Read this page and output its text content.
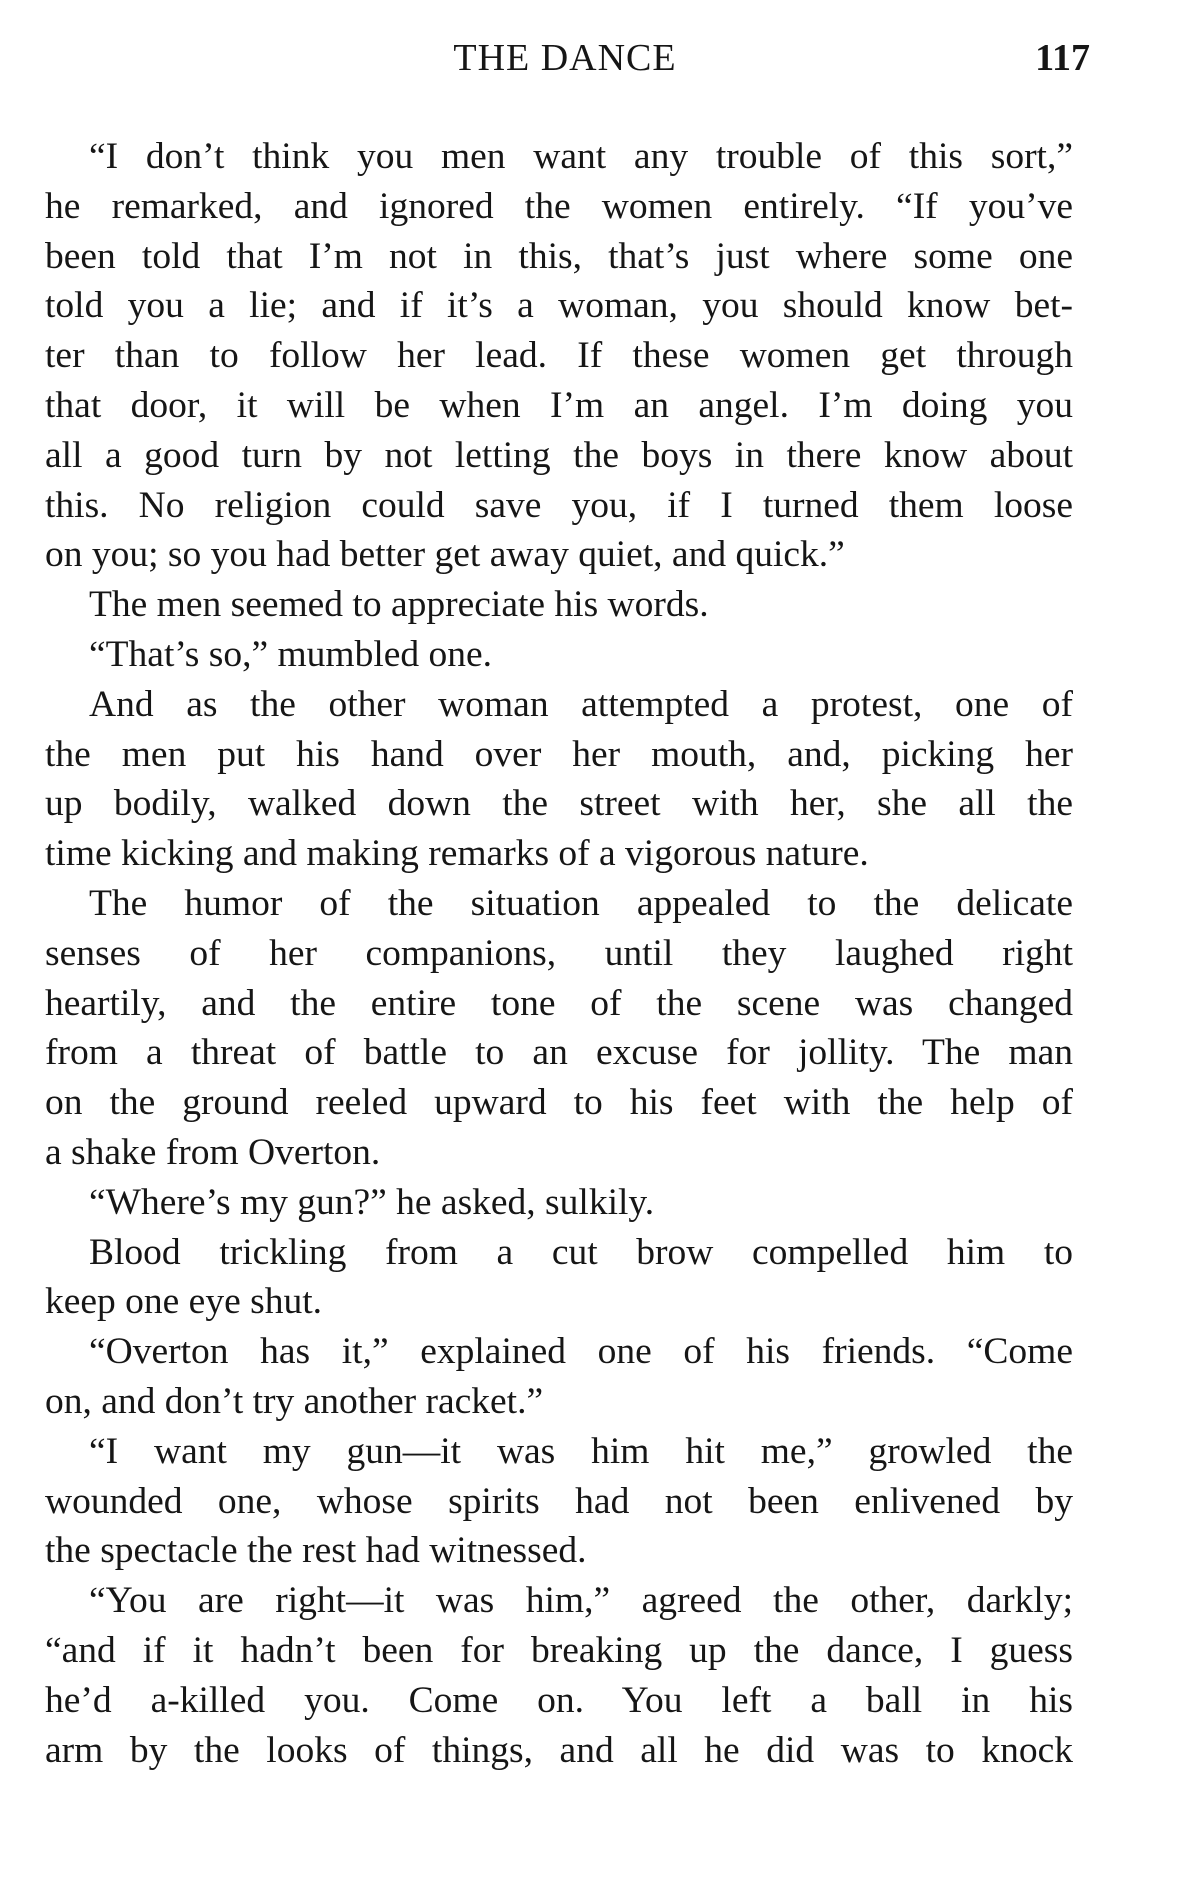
THE DANCE	117
“I don’t think you men want any trouble of this sort,”
he remarked, and ignored the women entirely. “If you’ve
been told that I’m not in this, that’s just where some one
told you a lie; and if it’s a woman, you should know bet-
ter than to follow her lead. If these women get through
that door, it will be when I’m an angel. I’m doing you
all a good turn by not letting the boys in there know about
this. No religion could save you, if I turned them loose
on you; so you had better get away quiet, and quick.”
The men seemed to appreciate his words.
“That’s so,” mumbled one.
And as the other woman attempted a protest, one of
the men put his hand over her mouth, and, picking her
up bodily, walked down the street with her, she all the
time kicking and making remarks of a vigorous nature.
The humor of the situation appealed to the delicate
senses of her companions, until they laughed right
heartily, and the entire tone of the scene was changed
from a threat of battle to an excuse for jollity. The man
on the ground reeled upward to his feet with the help of
a shake from Overton.
“Where’s my gun?” he asked, sulkily.
Blood trickling from a cut brow compelled him to
keep one eye shut.
“Overton has it,” explained one of his friends. “Come
on, and don’t try another racket.”
“I want my gun—it was him hit me,” growled the
wounded one, whose spirits had not been enlivened by
the spectacle the rest had witnessed.
“You are right—it was him,” agreed the other, darkly;
“and if it hadn’t been for breaking up the dance, I guess
he’d a-killed you. Come on. You left a ball in his
arm by the looks of things, and all he did was to knock
